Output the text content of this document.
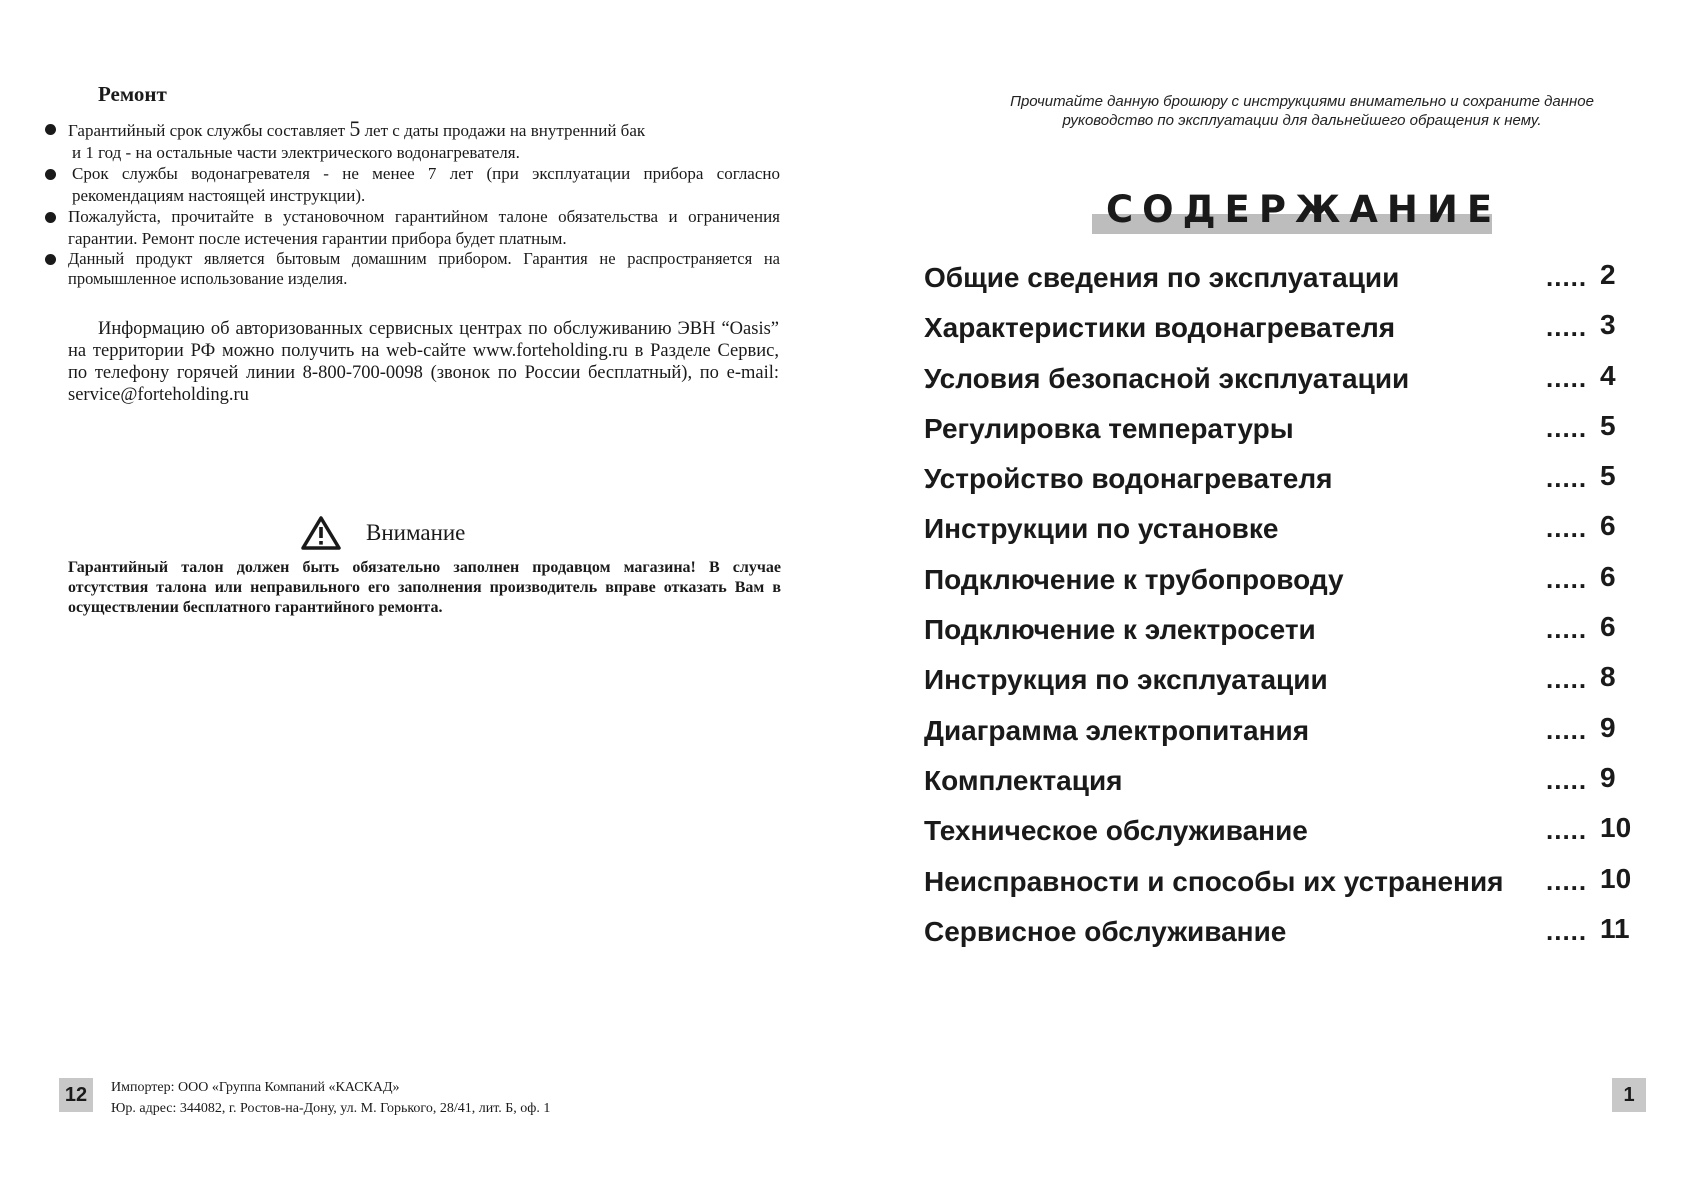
Ремонт
Гарантийный срок службы составляет 5 лет с даты продажи на внутренний бак
и 1 год - на остальные части электрического водонагревателя.
Срок службы водонагревателя - не менее 7 лет (при эксплуатации прибора согласно рекомендациям настоящей инструкции).
Пожалуйста, прочитайте в установочном гарантийном талоне обязательства и ограничения гарантии. Ремонт после истечения гарантии прибора будет платным.
Данный продукт является бытовым домашним прибором. Гарантия не распространяется на промышленное использование изделия.

Информацию об авторизованных сервисных центрах по обслуживанию ЭВН “Oasis” на территории РФ можно получить на web-сайте www.forteholding.ru в Разделе Сервис, по телефону горячей линии 8-800-700-0098 (звонок по России бесплатный), по e-mail: service@forteholding.ru

Внимание

Гарантийный талон должен быть обязательно заполнен продавцом магазина! В случае отсутствия талона или неправильного его заполнения производитель вправе отказать Вам в осуществлении бесплатного гарантийного ремонта.

12	Импортер: ООО «Группа Компаний «КАСКАД»
Юр. адрес: 344082, г. Ростов-на-Дону, ул. М. Горького, 28/41, лит. Б, оф. 1

Прочитайте данную брошюру с инструкциями внимательно и сохраните данное
руководство по эксплуатации для дальнейшего обращения к нему.

СОДЕРЖАНИЕ
Общие сведения по эксплуатации	..... 2
Характеристики водонагревателя	..... 3
Условия безопасной эксплуатации	..... 4
Регулировка температуры	..... 5
Устройство водонагревателя	..... 5
Инструкции по установке	..... 6
Подключение к трубопроводу	..... 6
Подключение к электросети	..... 6
Инструкция по эксплуатации	..... 8
Диаграмма электропитания	..... 9
Комплектация	..... 9
Техническое обслуживание	..... 10
Неисправности и способы их устранения ..... 10
Сервисное обслуживание	..... 11
1
